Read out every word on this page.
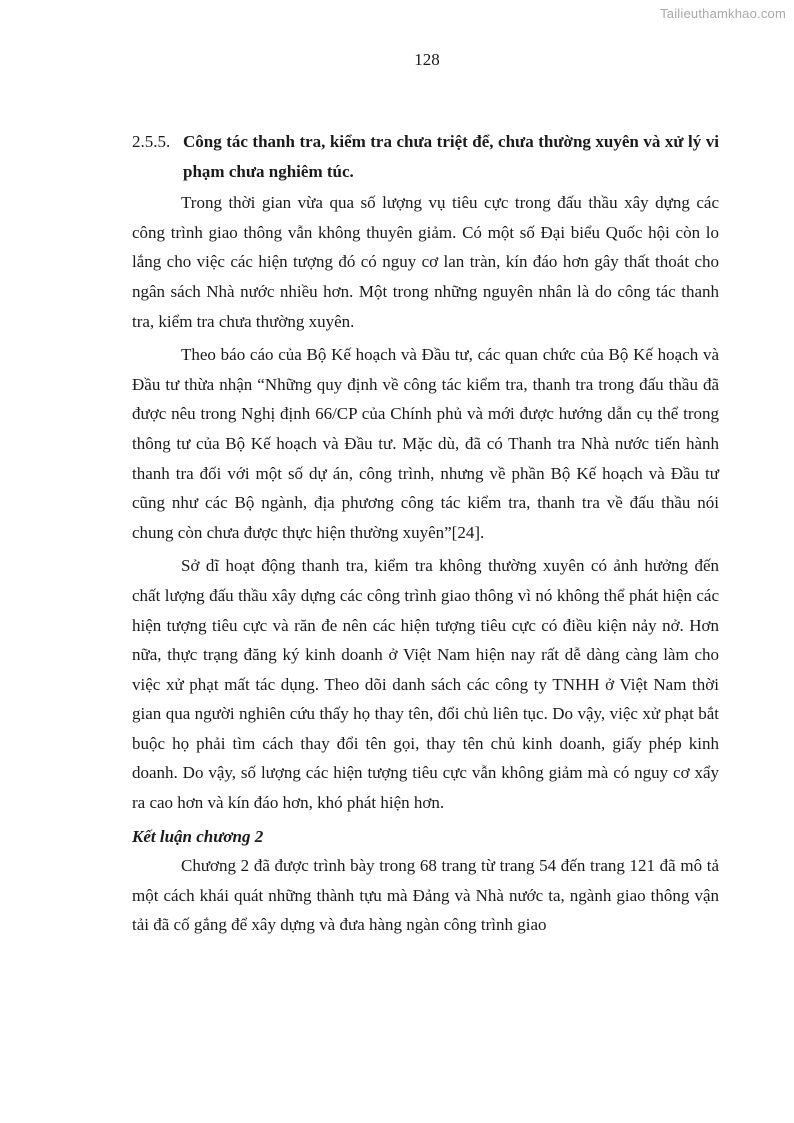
Tailieuthamkhao.com
128
2.5.5. Công tác thanh tra, kiểm tra chưa triệt để, chưa thường xuyên và xử lý vi phạm chưa nghiêm túc.

Trong thời gian vừa qua số lượng vụ tiêu cực trong đấu thầu xây dựng các công trình giao thông vẫn không thuyên giảm. Có một số Đại biểu Quốc hội còn lo lắng cho việc các hiện tượng đó có nguy cơ lan tràn, kín đáo hơn gây thất thoát cho ngân sách Nhà nước nhiều hơn. Một trong những nguyên nhân là do công tác thanh tra, kiểm tra chưa thường xuyên.

Theo báo cáo của Bộ Kế hoạch và Đầu tư, các quan chức của Bộ Kế hoạch và Đầu tư thừa nhận “Những quy định về công tác kiểm tra, thanh tra trong đấu thầu đã được nêu trong Nghị định 66/CP của Chính phủ và mới được hướng dẫn cụ thể trong thông tư của Bộ Kế hoạch và Đầu tư. Mặc dù, đã có Thanh tra Nhà nước tiến hành thanh tra đối với một số dự án, công trình, nhưng về phần Bộ Kế hoạch và Đầu tư cũng như các Bộ ngành, địa phương công tác kiểm tra, thanh tra về đấu thầu nói chung còn chưa được thực hiện thường xuyên”[24].

Sở dĩ hoạt động thanh tra, kiểm tra không thường xuyên có ảnh hưởng đến chất lượng đấu thầu xây dựng các công trình giao thông vì nó không thể phát hiện các hiện tượng tiêu cực và răn đe nên các hiện tượng tiêu cực có điều kiện nảy nở. Hơn nữa, thực trạng đăng ký kinh doanh ở Việt Nam hiện nay rất dễ dàng càng làm cho việc xử phạt mất tác dụng. Theo dõi danh sách các công ty TNHH ở Việt Nam thời gian qua người nghiên cứu thấy họ thay tên, đổi chủ liên tục. Do vậy, việc xử phạt bắt buộc họ phải tìm cách thay đổi tên gọi, thay tên chủ kinh doanh, giấy phép kinh doanh. Do vậy, số lượng các hiện tượng tiêu cực vẫn không giảm mà có nguy cơ xẩy ra cao hơn và kín đáo hơn, khó phát hiện hơn.

Kết luận chương 2

Chương 2 đã được trình bày trong 68 trang từ trang 54 đến trang 121 đã mô tả một cách khái quát những thành tựu mà Đảng và Nhà nước ta, ngành giao thông vận tải đã cố gắng để xây dựng và đưa hàng ngàn công trình giao
